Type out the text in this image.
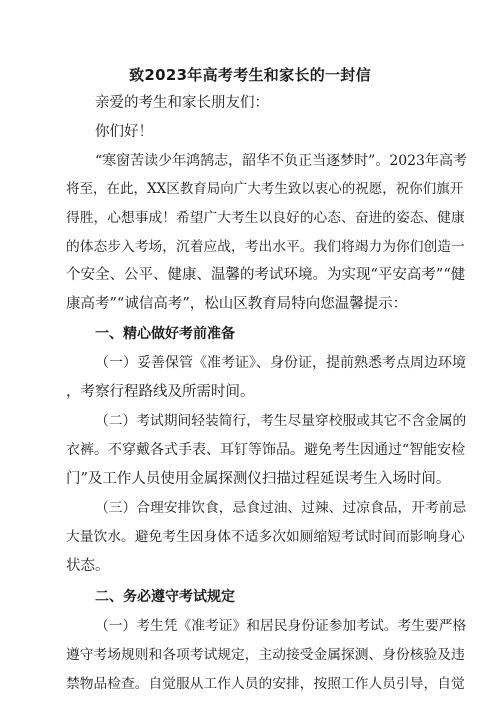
致2023年高考考生和家长的一封信
亲爱的考生和家长朋友们：
你们好！
“寒窗苦读少年鸿鹄志，韶华不负正当逐梦时”。2023年高考
将至，在此，XX区教育局向广大考生致以衷心的祝愿，祝你们旗开
得胜，心想事成！希望广大考生以良好的心态、奋进的姿态、健康
的体态步入考场，沉着应战，考出水平。我们将竭力为你们创造一
个安全、公平、健康、温馨的考试环境。为实现“平安高考”“健
康高考”“诚信高考”，松山区教育局特向您温馨提示：
一、精心做好考前准备
（一）妥善保管《准考证》、身份证，提前熟悉考点周边环境
，考察行程路线及所需时间。
（二）考试期间轻装简行，考生尽量穿校服或其它不含金属的
衣裤。不穿戴各式手表、耳钉等饰品。避免考生因通过“智能安检
门”及工作人员使用金属探测仪扫描过程延误考生入场时间。
（三）合理安排饮食，忌食过油、过辣、过凉食品，开考前忌
大量饮水。避免考生因身体不适多次如厕缩短考试时间而影响身心
状态。
二、务必遵守考试规定
（一）考生凭《准考证》和居民身份证参加考试。考生要严格
遵守考场规则和各项考试规定，主动接受金属探测、身份核验及违
禁物品检查。自觉服从工作人员的安排，按照工作人员引导，自觉
